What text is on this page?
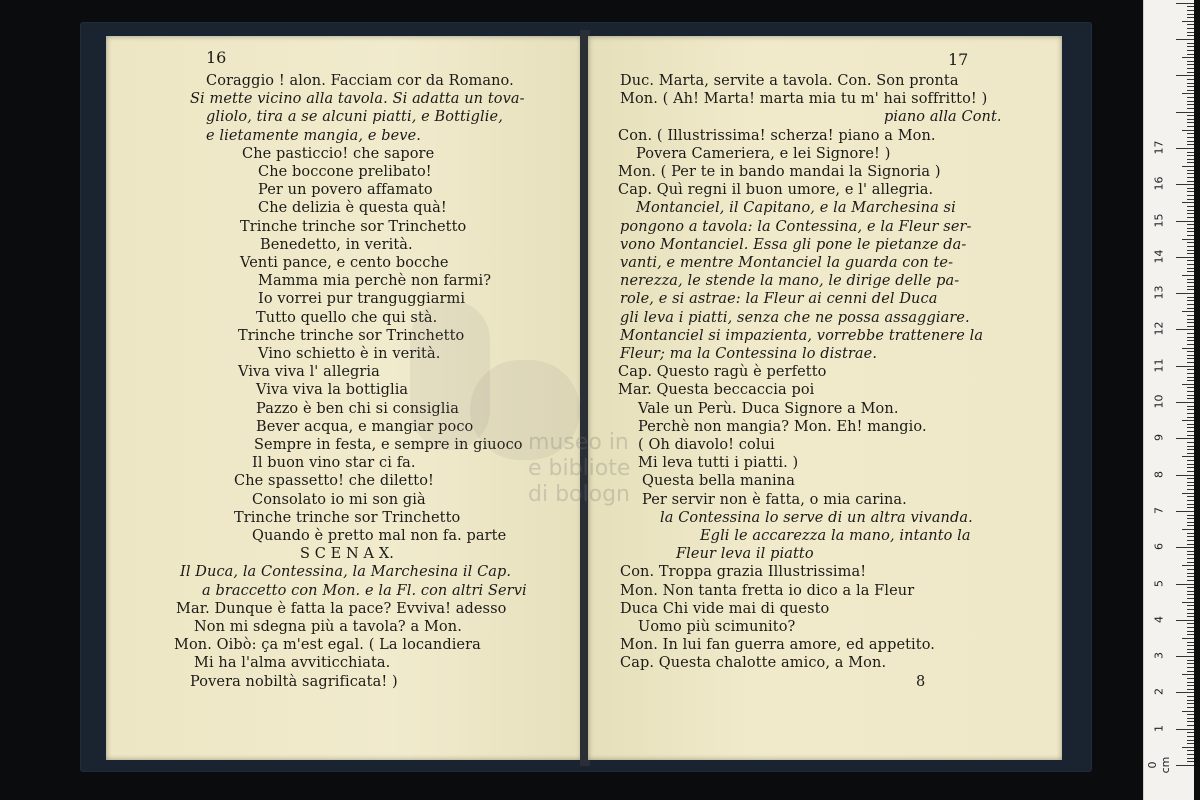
16
Coraggio ! alon. Facciam cor da Romano.
Si mette vicino alla tavola. Si adatta un tova-
gliolo, tira a se alcuni piatti, e Bottiglie,
e lietamente mangia, e beve.
Che pasticcio! che sapore
Che boccone prelibato!
Per un povero affamato
Che delizia è questa quà!
Trinche trinche sor Trinchetto
Benedetto, in verità.
Venti pance, e cento bocche
Mamma mia perchè non farmi?
Io vorrei pur tranguggiarmi
Tutto quello che qui stà.
Trinche trinche sor Trinchetto
Vino schietto è in verità.
Viva viva l' allegria
Viva viva la bottiglia
Pazzo è ben chi si consiglia
Bever acqua, e mangiar poco
Sempre in festa, e sempre in giuoco
Il buon vino star ci fa.
Che spassetto! che diletto!
Consolato io mi son già
Trinche trinche sor Trinchetto
Quando è pretto mal non fa. parte
S C E N A X.
Il Duca, la Contessina, la Marchesina il Cap.
a braccetto con Mon. e la Fl. con altri Servi
Mar. Dunque è fatta la pace? Evviva! adesso
Non mi sdegna più a tavola? a Mon.
Mon. Oibò: ça m'est egal. ( La locandiera
Mi ha l'alma avviticchiata.
Povera nobiltà sagrificata! )
17
Duc. Marta, servite a tavola. Con. Son pronta
Mon. ( Ah! Marta! marta mia tu m' hai soffritto! )
piano alla Cont.
Con. ( Illustrissima! scherza! piano a Mon.
Povera Cameriera, e lei Signore! )
Mon. ( Per te in bando mandai la Signoria )
Cap. Quì regni il buon umore, e l' allegria.
Montanciel, il Capitano, e la Marchesina si
pongono a tavola: la Contessina, e la Fleur ser-
vono Montanciel. Essa gli pone le pietanze da-
vanti, e mentre Montanciel la guarda con te-
nerezza, le stende la mano, le dirige delle pa-
role, e si astrae: la Fleur ai cenni del Duca
gli leva i piatti, senza che ne possa assaggiare.
Montanciel si impazienta, vorrebbe trattenere la
Fleur; ma la Contessina lo distrae.
Cap. Questo ragù è perfetto
Mar. Questa beccaccia poi
Vale un Perù. Duca Signore a Mon.
Perchè non mangia? Mon. Eh! mangio.
( Oh diavolo! colui
Mi leva tutti i piatti. )
Questa bella manina
Per servir non è fatta, o mia carina.
la Contessina lo serve di un altra vivanda.
Egli le accarezza la mano, intanto la
Fleur leva il piatto
Con. Troppa grazia Illustrissima!
Mon. Non tanta fretta io dico a la Fleur
Duca Chi vide mai di questo
Uomo più scimunito?
Mon. In lui fan guerra amore, ed appetito.
Cap. Questa chalotte amico, a Mon.
8
museo in
e bibliote
di bologn
0 cm
1
2
3
4
5
6
7
8
9
10
11
12
13
14
15
16
17
